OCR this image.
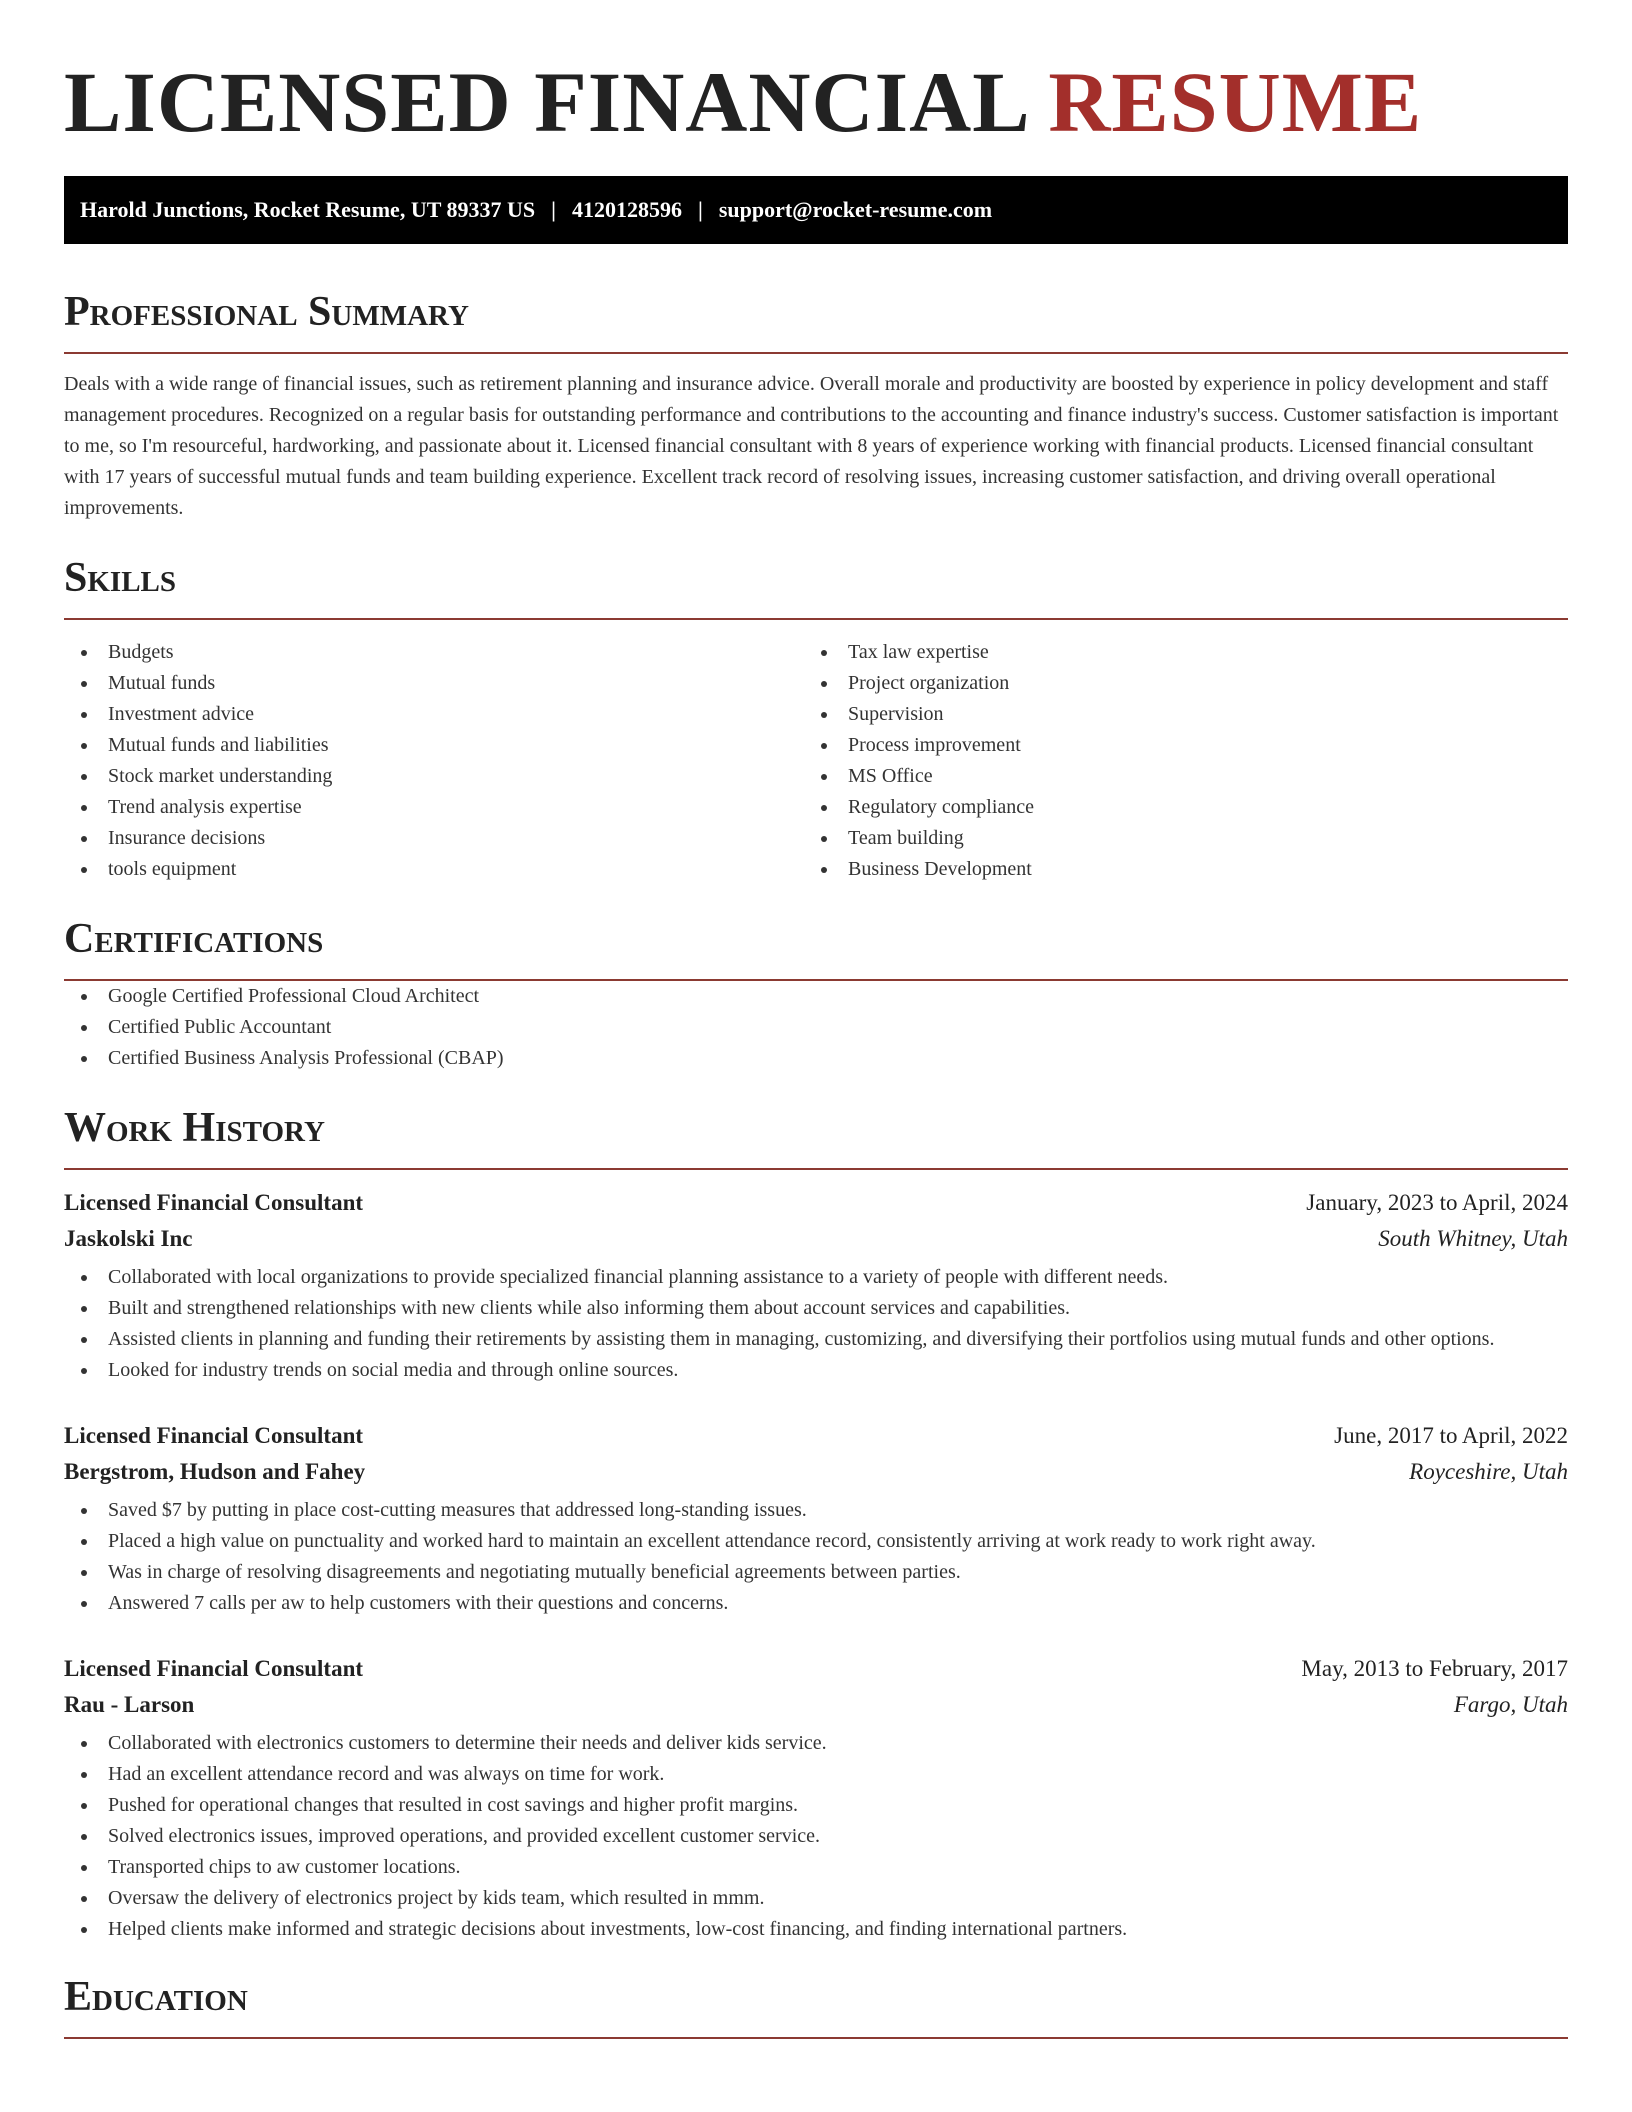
LICENSED FINANCIAL RESUME
Harold Junctions, Rocket Resume, UT 89337 US | 4120128596 | support@rocket-resume.com
Professional Summary

Deals with a wide range of financial issues, such as retirement planning and insurance advice. Overall morale and productivity are boosted by experience in policy development and staff management procedures. Recognized on a regular basis for outstanding performance and contributions to the accounting and finance industry's success. Customer satisfaction is important to me, so I'm resourceful, hardworking, and passionate about it. Licensed financial consultant with 8 years of experience working with financial products. Licensed financial consultant with 17 years of successful mutual funds and team building experience. Excellent track record of resolving issues, increasing customer satisfaction, and driving overall operational improvements.

Skills
Budgets
Mutual funds
Investment advice
Mutual funds and liabilities
Stock market understanding
Trend analysis expertise
Insurance decisions
tools equipment
Tax law expertise
Project organization
Supervision
Process improvement
MS Office
Regulatory compliance
Team building
Business Development
Certifications
Google Certified Professional Cloud Architect
Certified Public Accountant
Certified Business Analysis Professional (CBAP)
Work History
Licensed Financial Consultant	January, 2023 to April, 2024
Jaskolski Inc	South Whitney, Utah
Collaborated with local organizations to provide specialized financial planning assistance to a variety of people with different needs.
Built and strengthened relationships with new clients while also informing them about account services and capabilities.
Assisted clients in planning and funding their retirements by assisting them in managing, customizing, and diversifying their portfolios using mutual funds and other options.
Looked for industry trends on social media and through online sources.
Licensed Financial Consultant	June, 2017 to April, 2022
Bergstrom, Hudson and Fahey	Royceshire, Utah
Saved $7 by putting in place cost-cutting measures that addressed long-standing issues.
Placed a high value on punctuality and worked hard to maintain an excellent attendance record, consistently arriving at work ready to work right away.
Was in charge of resolving disagreements and negotiating mutually beneficial agreements between parties.
Answered 7 calls per aw to help customers with their questions and concerns.
Licensed Financial Consultant	May, 2013 to February, 2017
Rau - Larson	Fargo, Utah
Collaborated with electronics customers to determine their needs and deliver kids service.
Had an excellent attendance record and was always on time for work.
Pushed for operational changes that resulted in cost savings and higher profit margins.
Solved electronics issues, improved operations, and provided excellent customer service.
Transported chips to aw customer locations.
Oversaw the delivery of electronics project by kids team, which resulted in mmm.
Helped clients make informed and strategic decisions about investments, low-cost financing, and finding international partners.
Education
